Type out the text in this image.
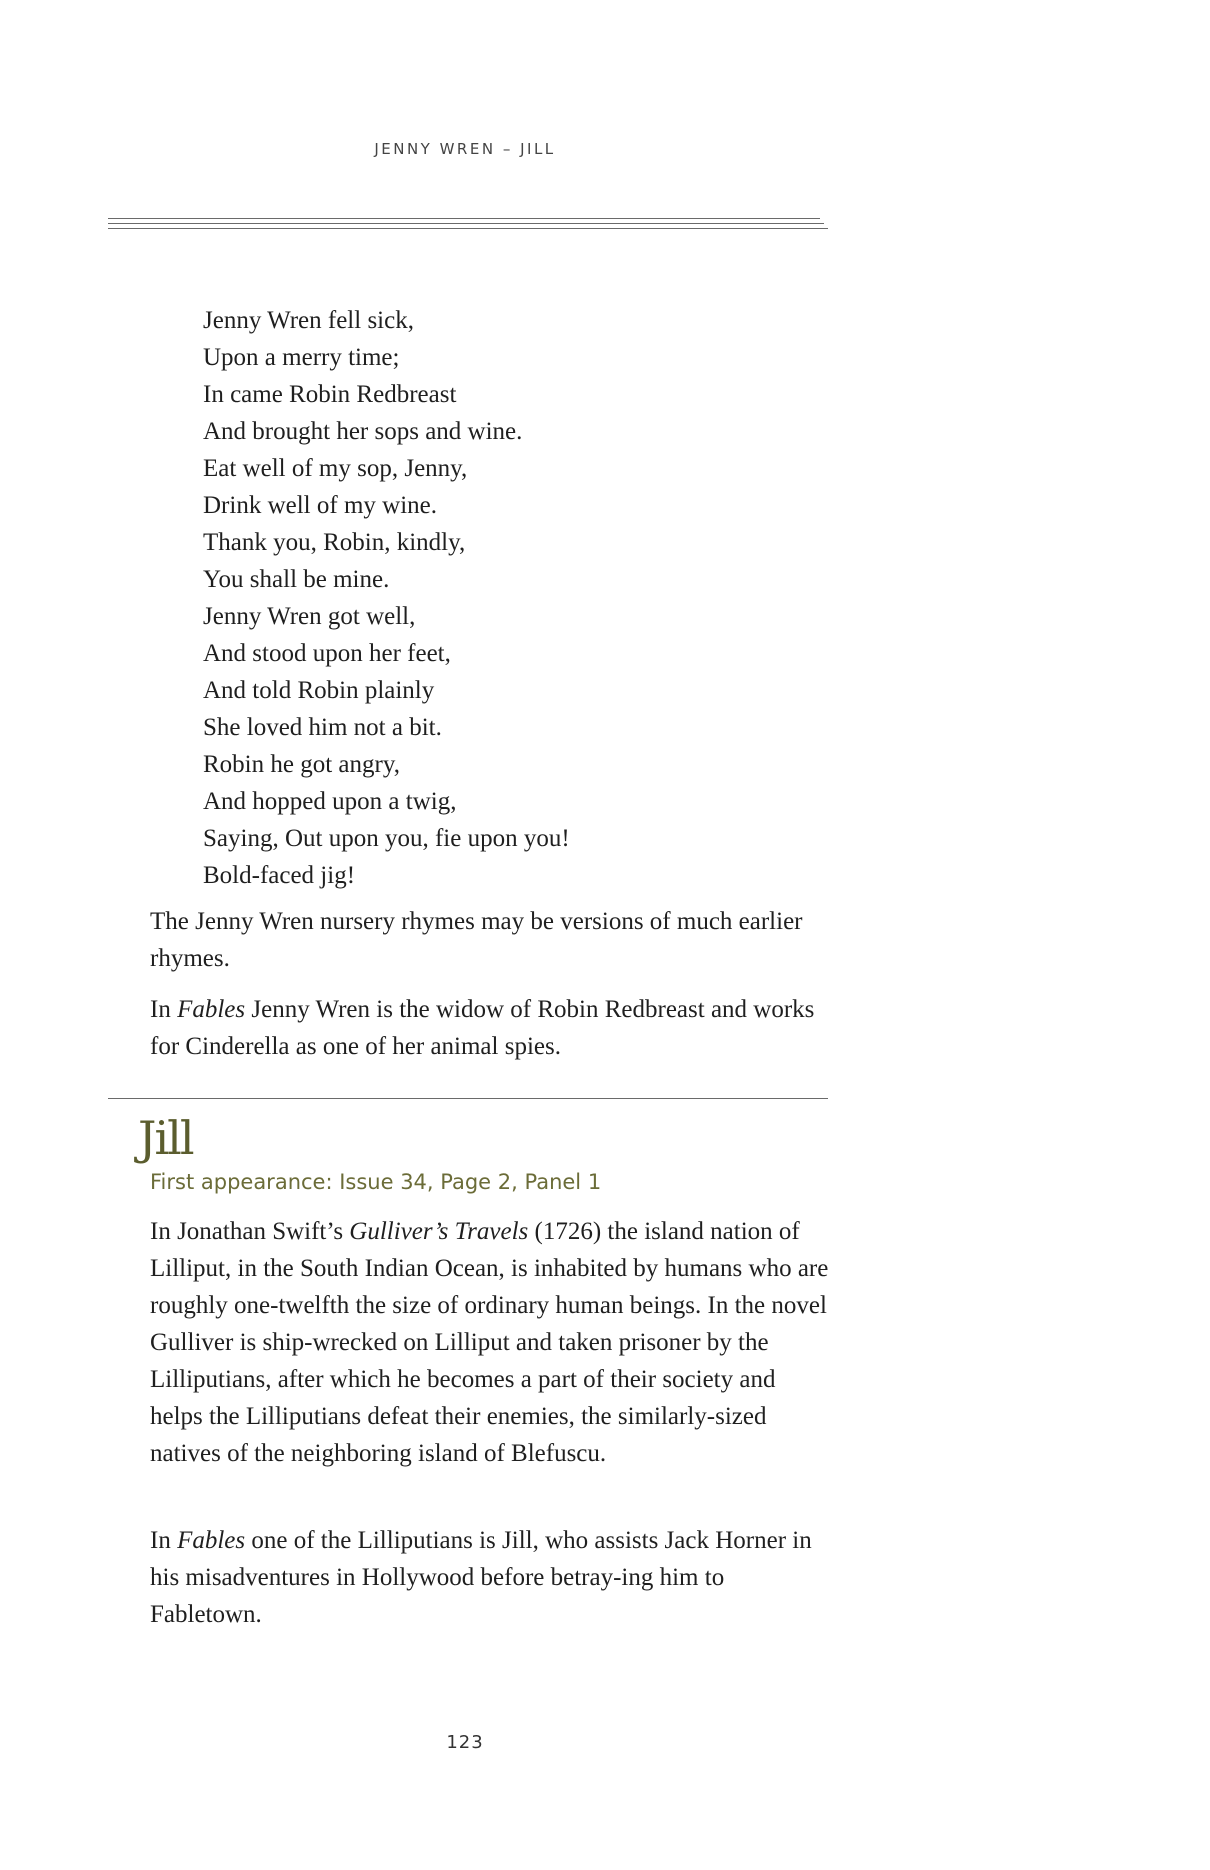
JENNY WREN – JILL
Jenny Wren fell sick,
Upon a merry time;
In came Robin Redbreast
And brought her sops and wine.
Eat well of my sop, Jenny,
Drink well of my wine.
Thank you, Robin, kindly,
You shall be mine.
Jenny Wren got well,
And stood upon her feet,
And told Robin plainly
She loved him not a bit.
Robin he got angry,
And hopped upon a twig,
Saying, Out upon you, fie upon you!
Bold-faced jig!
The Jenny Wren nursery rhymes may be versions of much earlier rhymes.
In Fables Jenny Wren is the widow of Robin Redbreast and works for Cinderella as one of her animal spies.
Jill
First appearance: Issue 34, Page 2, Panel 1
In Jonathan Swift’s Gulliver’s Travels (1726) the island nation of Lilliput, in the South Indian Ocean, is inhabited by humans who are roughly one-twelfth the size of ordinary human beings. In the novel Gulliver is ship-wrecked on Lilliput and taken prisoner by the Lilliputians, after which he becomes a part of their society and helps the Lilliputians defeat their enemies, the similarly-sized natives of the neighboring island of Blefuscu.
In Fables one of the Lilliputians is Jill, who assists Jack Horner in his misadventures in Hollywood before betray-ing him to Fabletown.
123
